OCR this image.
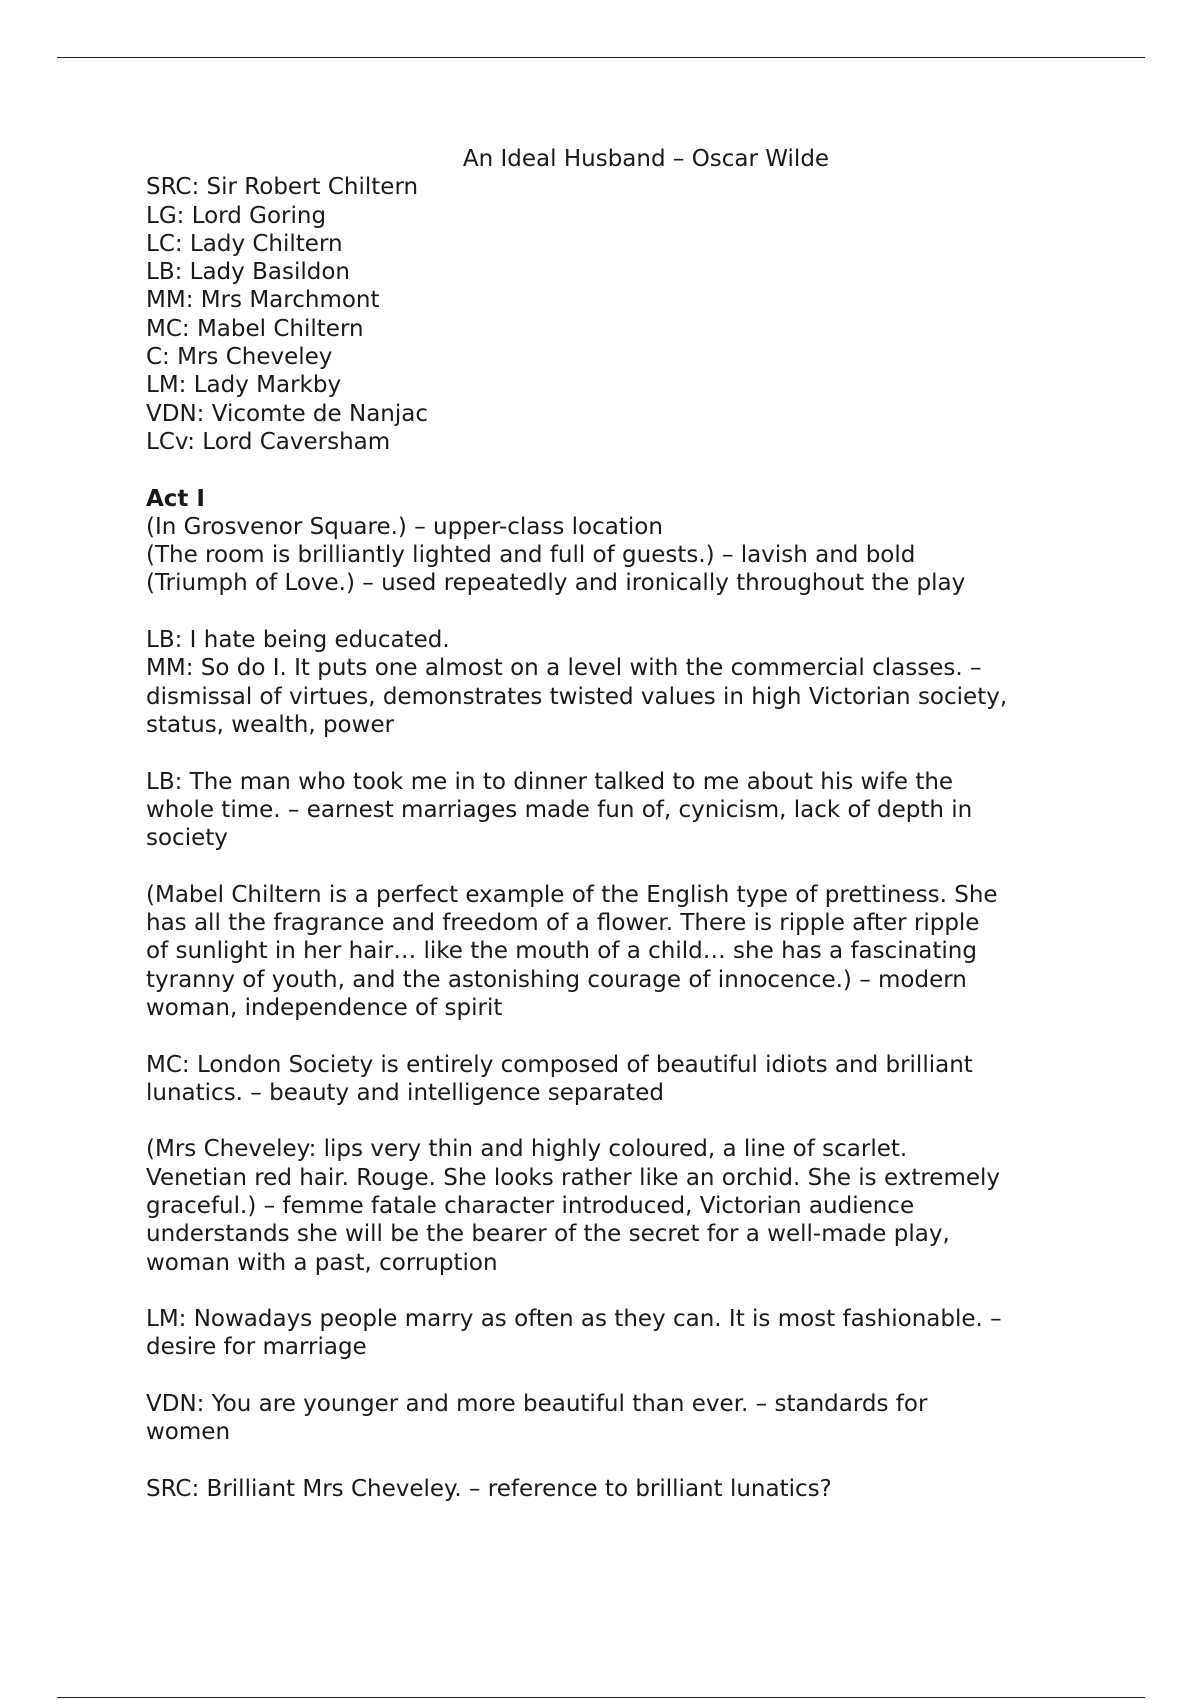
An Ideal Husband – Oscar Wilde
SRC: Sir Robert Chiltern
LG: Lord Goring
LC: Lady Chiltern
LB: Lady Basildon
MM: Mrs Marchmont
MC: Mabel Chiltern
C: Mrs Cheveley
LM: Lady Markby
VDN: Vicomte de Nanjac
LCv: Lord Caversham
Act I
(In Grosvenor Square.) – upper-class location
(The room is brilliantly lighted and full of guests.) – lavish and bold
(Triumph of Love.) – used repeatedly and ironically throughout the play
LB: I hate being educated.
MM: So do I. It puts one almost on a level with the commercial classes. –
dismissal of virtues, demonstrates twisted values in high Victorian society,
status, wealth, power
LB: The man who took me in to dinner talked to me about his wife the
whole time. – earnest marriages made fun of, cynicism, lack of depth in
society
(Mabel Chiltern is a perfect example of the English type of prettiness. She
has all the fragrance and freedom of a flower. There is ripple after ripple
of sunlight in her hair… like the mouth of a child… she has a fascinating
tyranny of youth, and the astonishing courage of innocence.) – modern
woman, independence of spirit
MC: London Society is entirely composed of beautiful idiots and brilliant
lunatics. – beauty and intelligence separated
(Mrs Cheveley: lips very thin and highly coloured, a line of scarlet.
Venetian red hair. Rouge. She looks rather like an orchid. She is extremely
graceful.) – femme fatale character introduced, Victorian audience
understands she will be the bearer of the secret for a well-made play,
woman with a past, corruption
LM: Nowadays people marry as often as they can. It is most fashionable. –
desire for marriage
VDN: You are younger and more beautiful than ever. – standards for
women
SRC: Brilliant Mrs Cheveley. – reference to brilliant lunatics?
